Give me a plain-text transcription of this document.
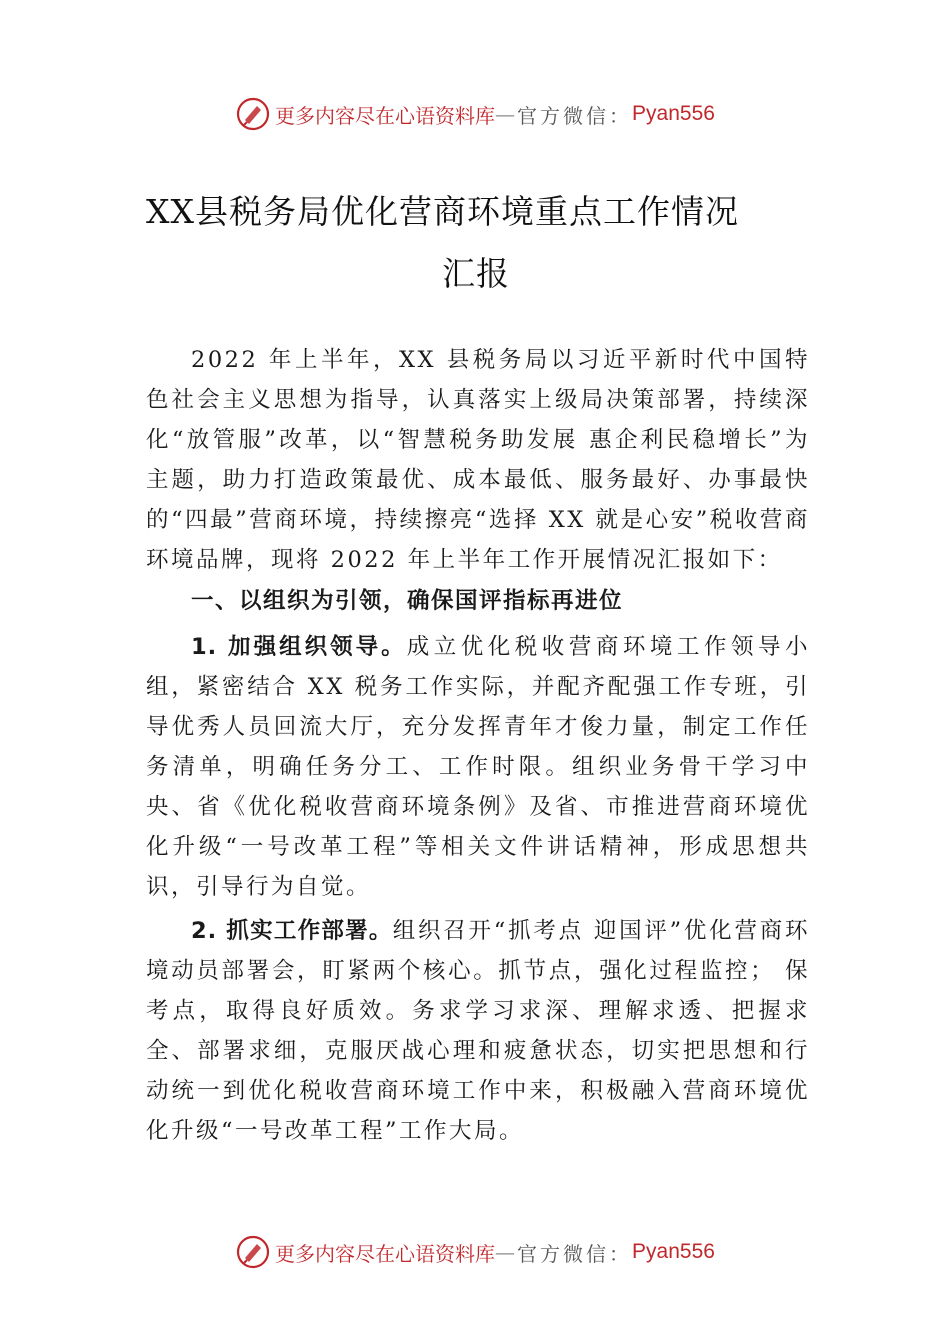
更多内容尽在心语资料库 — 官方微信： Pyan556
XX县税务局优化营商环境重点工作情况
汇报

2022 年上半年，XX 县税务局以习近平新时代中国特色社会主义思想为指导，认真落实上级局决策部署，持续深化“放管服”改革，以“智慧税务助发展 惠企利民稳增长”为主题，助力打造政策最优、成本最低、服务最好、办事最快的“四最”营商环境，持续擦亮“选择 XX 就是心安”税收营商环境品牌，现将 2022 年上半年工作开展情况汇报如下：

一、以组织为引领，确保国评指标再进位

1. 加强组织领导。成立优化税收营商环境工作领导小组，紧密结合 XX 税务工作实际，并配齐配强工作专班，引导优秀人员回流大厅，充分发挥青年才俊力量，制定工作任务清单，明确任务分工、工作时限。组织业务骨干学习中央、省《优化税收营商环境条例》及省、市推进营商环境优化升级“一号改革工程”等相关文件讲话精神，形成思想共识，引导行为自觉。

2. 抓实工作部署。组织召开“抓考点 迎国评”优化营商环境动员部署会，盯紧两个核心。抓节点，强化过程监控； 保考点，取得良好质效。务求学习求深、理解求透、把握求全、部署求细，克服厌战心理和疲惫状态，切实把思想和行动统一到优化税收营商环境工作中来，积极融入营商环境优化升级“一号改革工程”工作大局。

更多内容尽在心语资料库 — 官方微信： Pyan556
